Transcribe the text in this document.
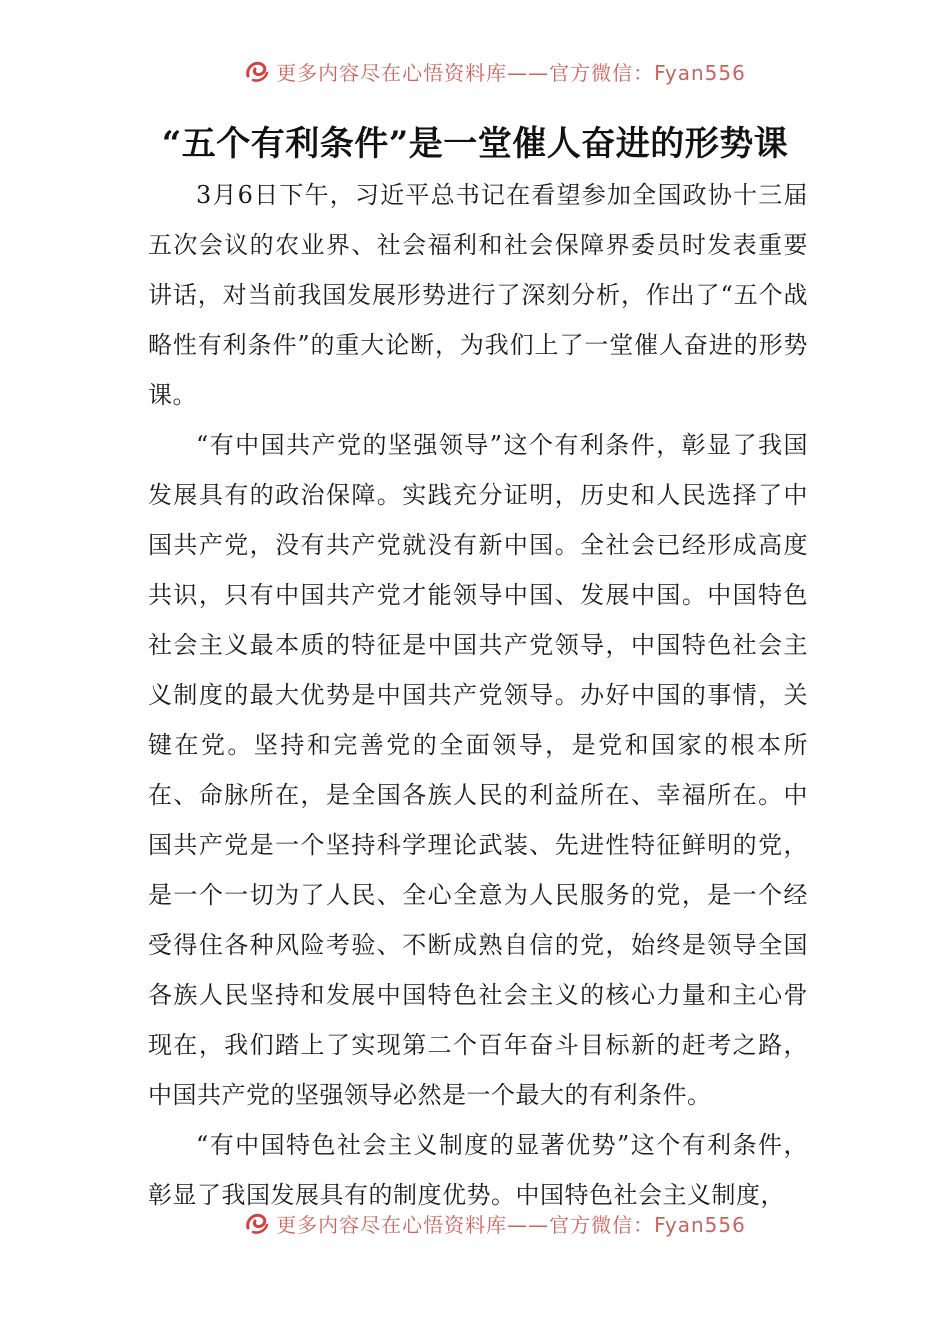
更多内容尽在心悟资料库——官方微信：Fyan556
“五个有利条件”是一堂催人奋进的形势课

3月6日下午，习近平总书记在看望参加全国政协十三届五次会议的农业界、社会福利和社会保障界委员时发表重要讲话，对当前我国发展形势进行了深刻分析，作出了“五个战略性有利条件”的重大论断，为我们上了一堂催人奋进的形势课。

“有中国共产党的坚强领导”这个有利条件，彰显了我国发展具有的政治保障。实践充分证明，历史和人民选择了中国共产党，没有共产党就没有新中国。全社会已经形成高度共识，只有中国共产党才能领导中国、发展中国。中国特色社会主义最本质的特征是中国共产党领导，中国特色社会主义制度的最大优势是中国共产党领导。办好中国的事情，关键在党。坚持和完善党的全面领导，是党和国家的根本所在、命脉所在，是全国各族人民的利益所在、幸福所在。中国共产党是一个坚持科学理论武装、先进性特征鲜明的党，是一个一切为了人民、全心全意为人民服务的党，是一个经受得住各种风险考验、不断成熟自信的党，始终是领导全国各族人民坚持和发展中国特色社会主义的核心力量和主心骨现在，我们踏上了实现第二个百年奋斗目标新的赶考之路，中国共产党的坚强领导必然是一个最大的有利条件。

“有中国特色社会主义制度的显著优势”这个有利条件，彰显了我国发展具有的制度优势。中国特色社会主义制度，

更多内容尽在心悟资料库——官方微信：Fyan556
